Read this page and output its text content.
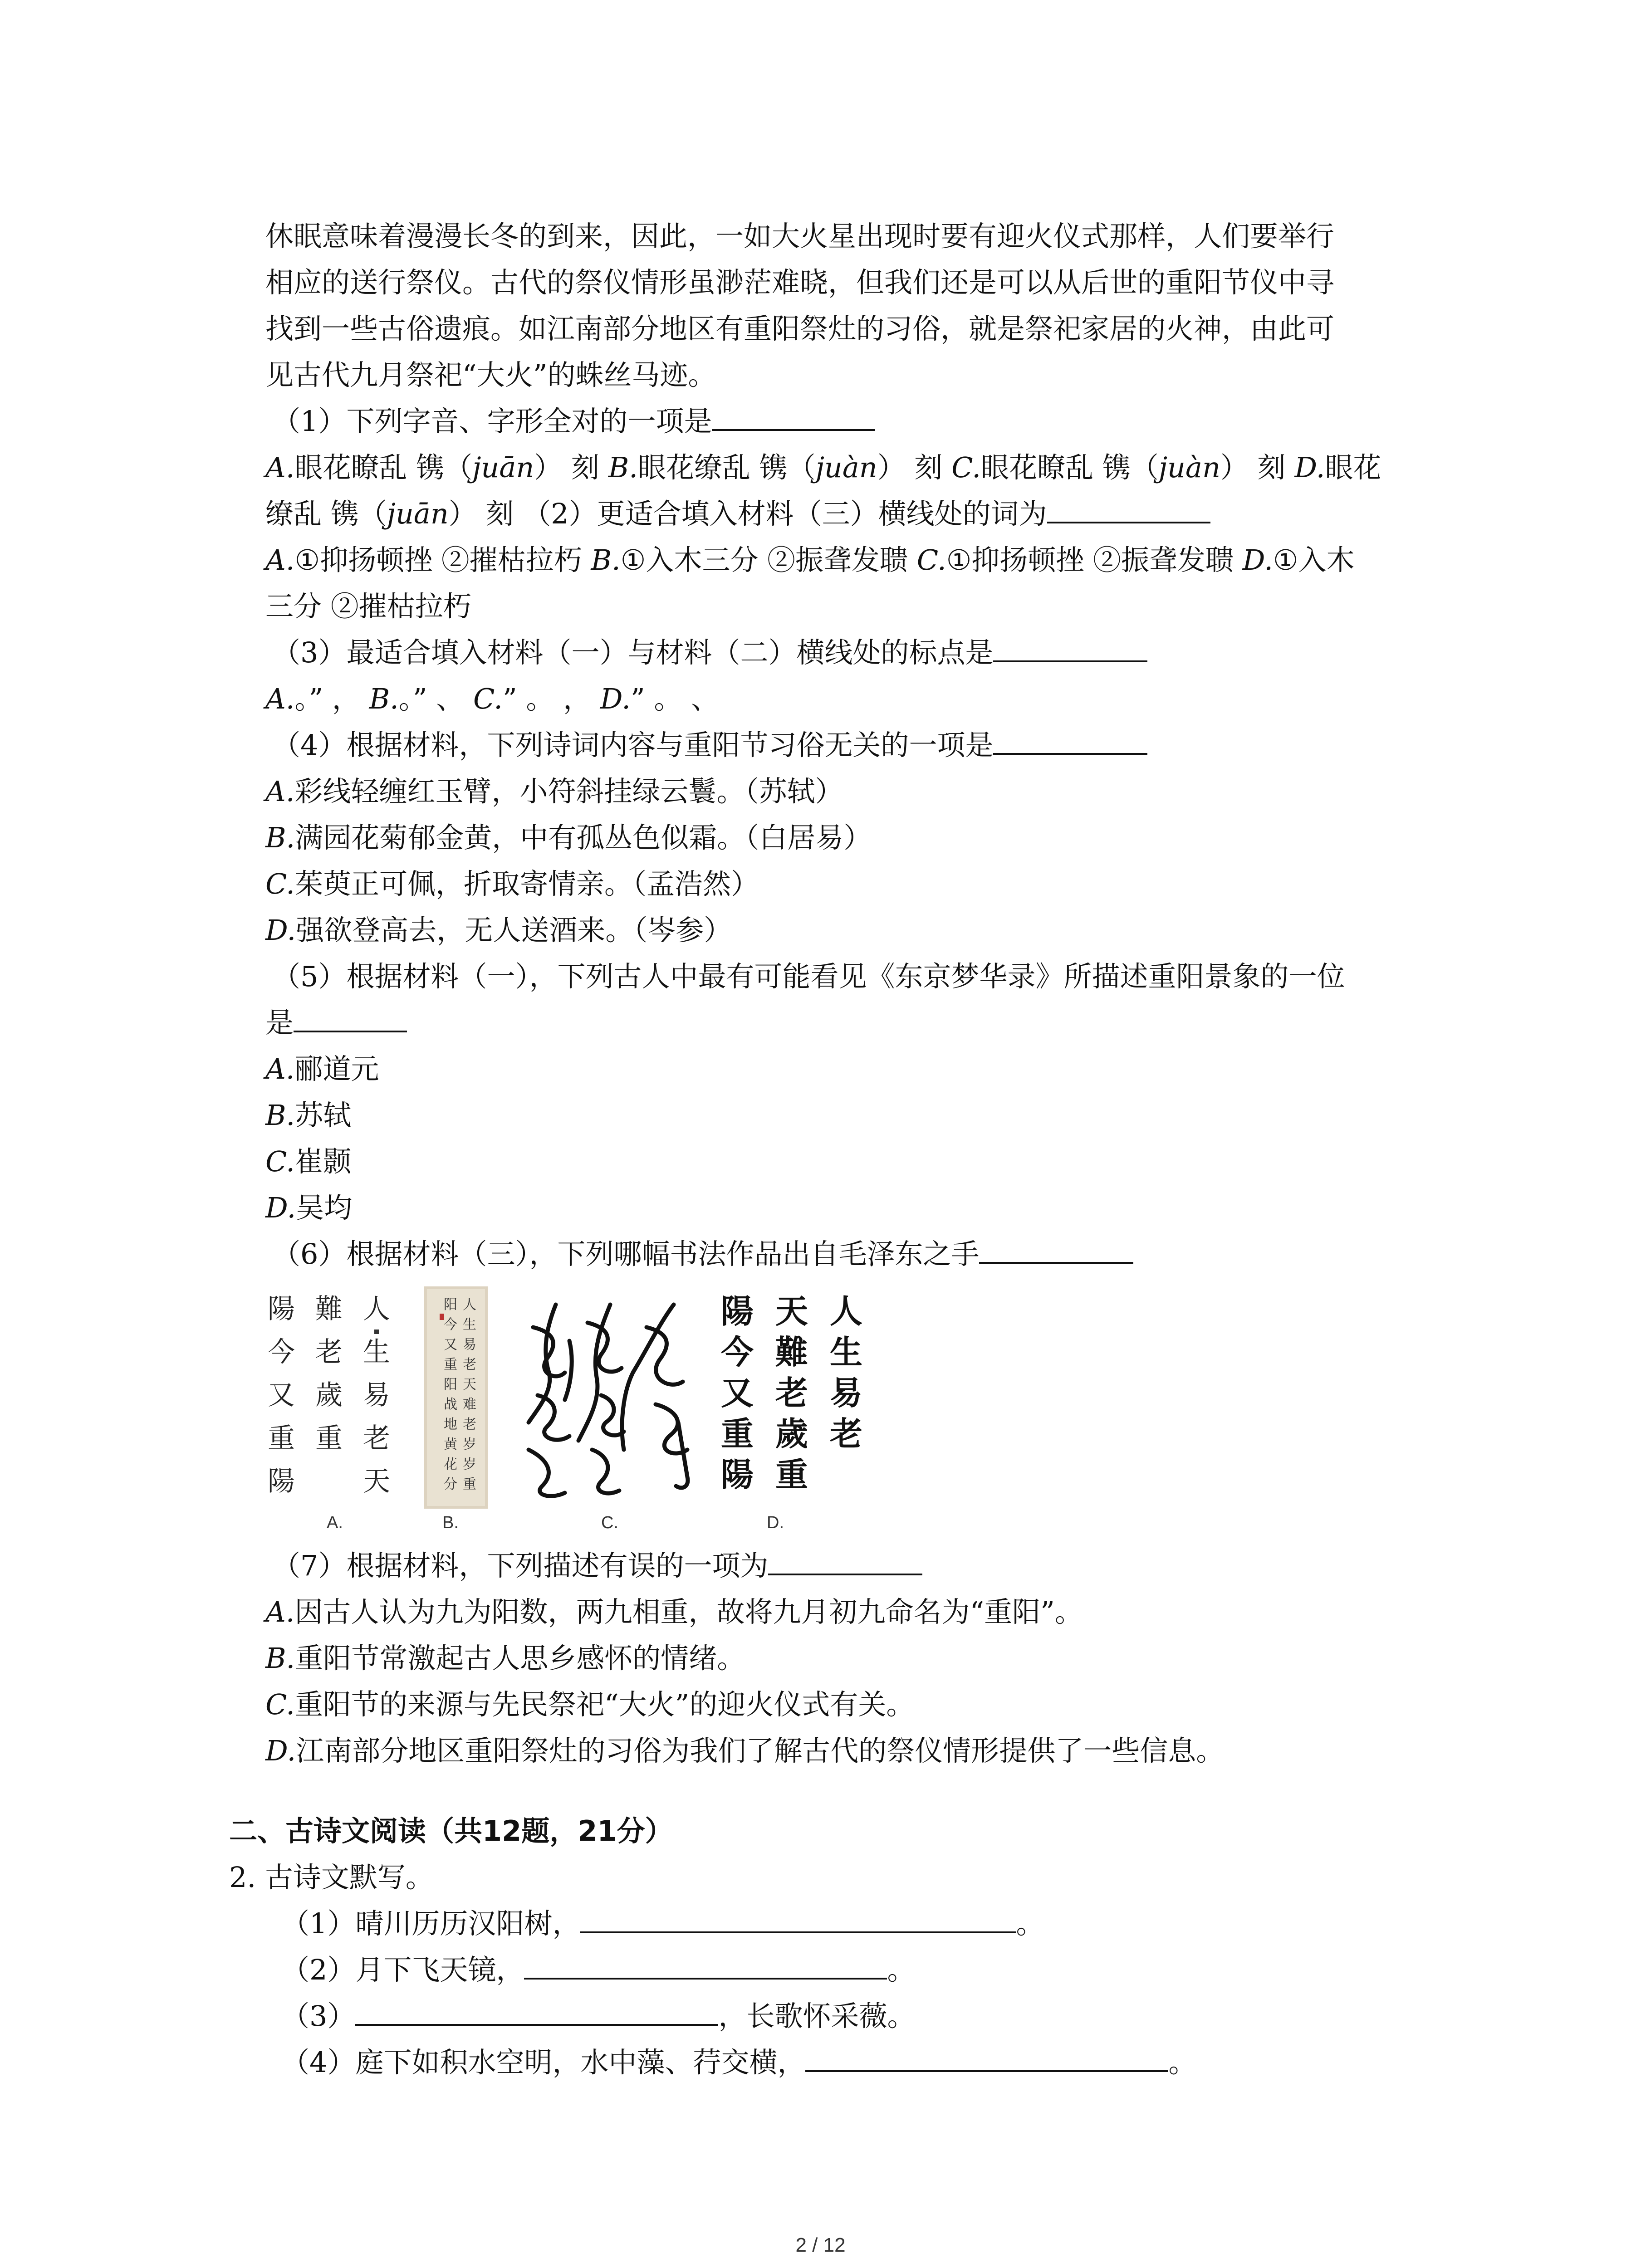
休眠意味着漫漫长冬的到来，因此，一如大火星出现时要有迎火仪式那样，人们要举行
相应的送行祭仪。古代的祭仪情形虽渺茫难晓，但我们还是可以从后世的重阳节仪中寻
找到一些古俗遗痕。如江南部分地区有重阳祭灶的习俗，就是祭祀家居的火神，由此可
见古代九月祭祀“大火”的蛛丝马迹。
（1）下列字音、字形全对的一项是
A.眼花瞭乱 镌（juān） 刻 B.眼花缭乱 镌（juàn） 刻 C.眼花瞭乱 镌（juàn） 刻 D.眼花
缭乱 镌（juān） 刻 （2）更适合填入材料（三）横线处的词为
A.①抑扬顿挫 ②摧枯拉朽 B.①入木三分 ②振聋发聩 C.①抑扬顿挫 ②振聋发聩 D.①入木
三分 ②摧枯拉朽
（3）最适合填入材料（一）与材料（二）横线处的标点是
A.。” ， B.。” 、 C.” 。 ， D.” 。 、
（4）根据材料，下列诗词内容与重阳节习俗无关的一项是
A.彩线轻缠红玉臂，小符斜挂绿云鬟。（苏轼）
B.满园花菊郁金黄，中有孤丛色似霜。（白居易）
C.茱萸正可佩，折取寄情亲。（孟浩然）
D.强欲登高去，无人送酒来。（岑参）
（5）根据材料（一），下列古人中最有可能看见《东京梦华录》所描述重阳景象的一位
是
A.郦道元
B.苏轼
C.崔颢
D.吴均
（6）根据材料（三），下列哪幅书法作品出自毛泽东之手
人
生
易
老
天
難
老
歲
重
陽
今
又
重
陽
A.
人
生
易
老
天
难
老
岁
岁
重
阳
今
又
重
阳
战
地
黄
花
分
B.	C.
人
生
易
老
天
難
老
歲
重
陽
今
又
重
陽
D.
（7）根据材料，下列描述有误的一项为
A.因古人认为九为阳数，两九相重，故将九月初九命名为“重阳”。
B.重阳节常激起古人思乡感怀的情绪。
C.重阳节的来源与先民祭祀“大火”的迎火仪式有关。
D.江南部分地区重阳祭灶的习俗为我们了解古代的祭仪情形提供了一些信息。
二、古诗文阅读（共12题，21分）
2. 古诗文默写。
（1）晴川历历汉阳树，	。
（2）月下飞天镜，	。
（3）	，长歌怀采薇。
（4）庭下如积水空明，水中藻、荇交横，	。
2 / 12
